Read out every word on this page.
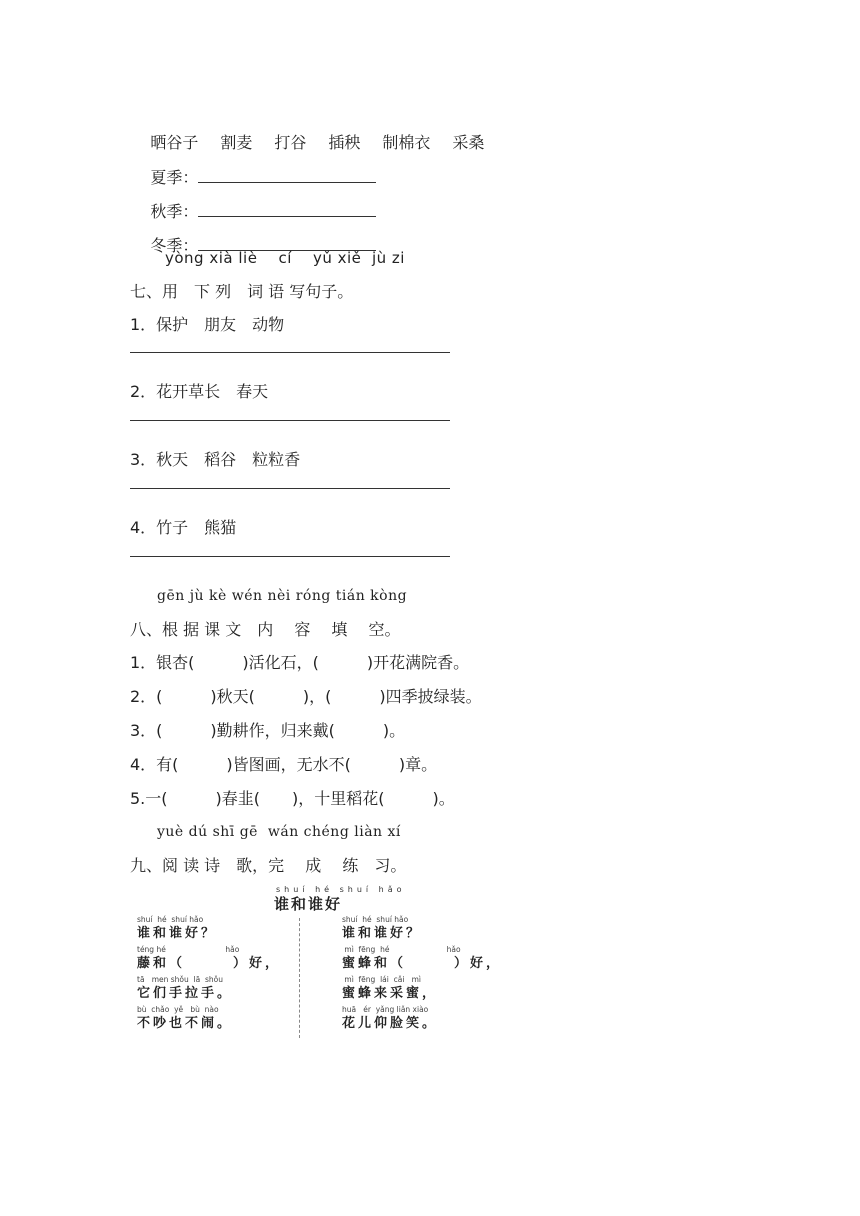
晒谷子 割麦 打谷 插秧 制棉衣 采桑

夏季：

秋季：

冬季：

yòng xià liè    cí    yǔ xiě  jù zi
七、用　下 列　词 语 写句子。
1．保护　朋友　动物
2．花开草长　春天
3．秋天　稻谷　粒粒香
4．竹子　熊猫
gēn jù kè wén nèi róng tián kòng
八、根 据 课 文　内　 容　 填　 空。
1．银杏(　　　)活化石，(　　　)开花满院香。
2．(　　　)秋天(　　　)，(　　　)四季披绿装。
3．(　　　)勤耕作，归来戴(　　　)。
4．有(　　　)皆图画，无水不(　　　)章。
5.一(　　　)春韭(　　)，十里稻花(　　　)。
yuè dú shī gē  wán chéng liàn xí
九、阅 读 诗　歌，完　 成　 练　习。
shuí hé shuí hǎo
谁和谁好
shuí  hé  shuí hǎo
谁和谁好？
téng hé                         hǎo
藤和（　　　）好，
tā   men shǒu  lā  shǒu
它们手拉手。
bù  chǎo  yě   bù  nào
不吵也不闹。
shuí  hé  shuí hǎo
谁和谁好？
mì  fēng  hé                        hǎo
蜜蜂和（　　　）好，
mì  fēng  lái  cǎi   mì
蜜蜂来采蜜，
huā   ér  yǎng liǎn xiào
花儿仰脸笑。
